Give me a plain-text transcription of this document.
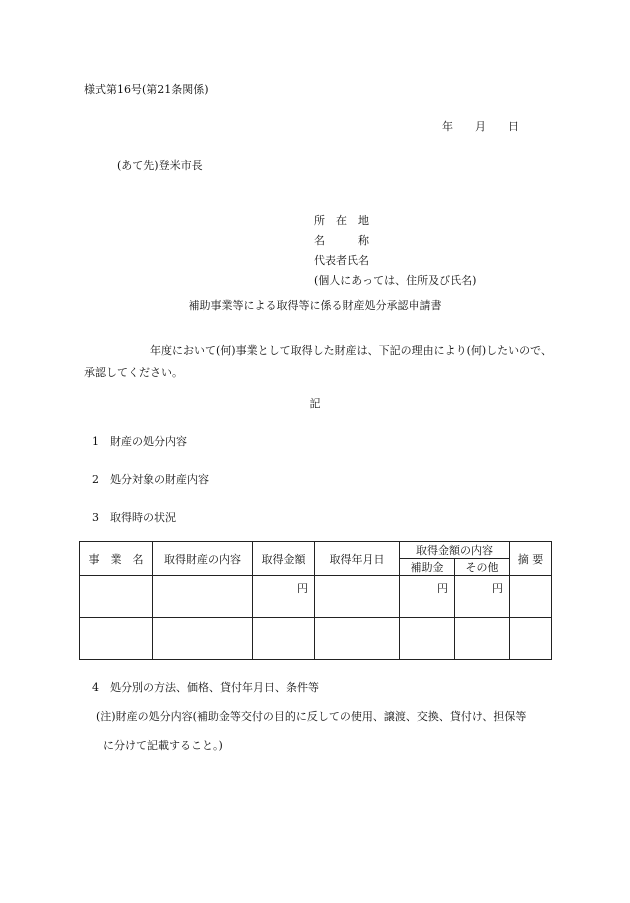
様式第16号(第21条関係)
年 月 日
(あて先)登米市長
所　在　地
名　　　称
代表者氏名
(個人にあっては、住所及び氏名)
補助事業等による取得等に係る財産処分承認申請書
年度において(何)事業として取得した財産は、下記の理由により(何)したいので、承認してください。
記
1 財産の処分内容
2 処分対象の財産内容
3 取得時の状況
事　業　名	取得財産の内容	取得金額	取得年月日	取得金額の内容		摘 要
				補助金	その他	
		円		円	円	

4 処分別の方法、価格、貸付年月日、条件等
(注)財産の処分内容(補助金等交付の目的に反しての使用、譲渡、交換、貸付け、担保等
に分けて記載すること。)
